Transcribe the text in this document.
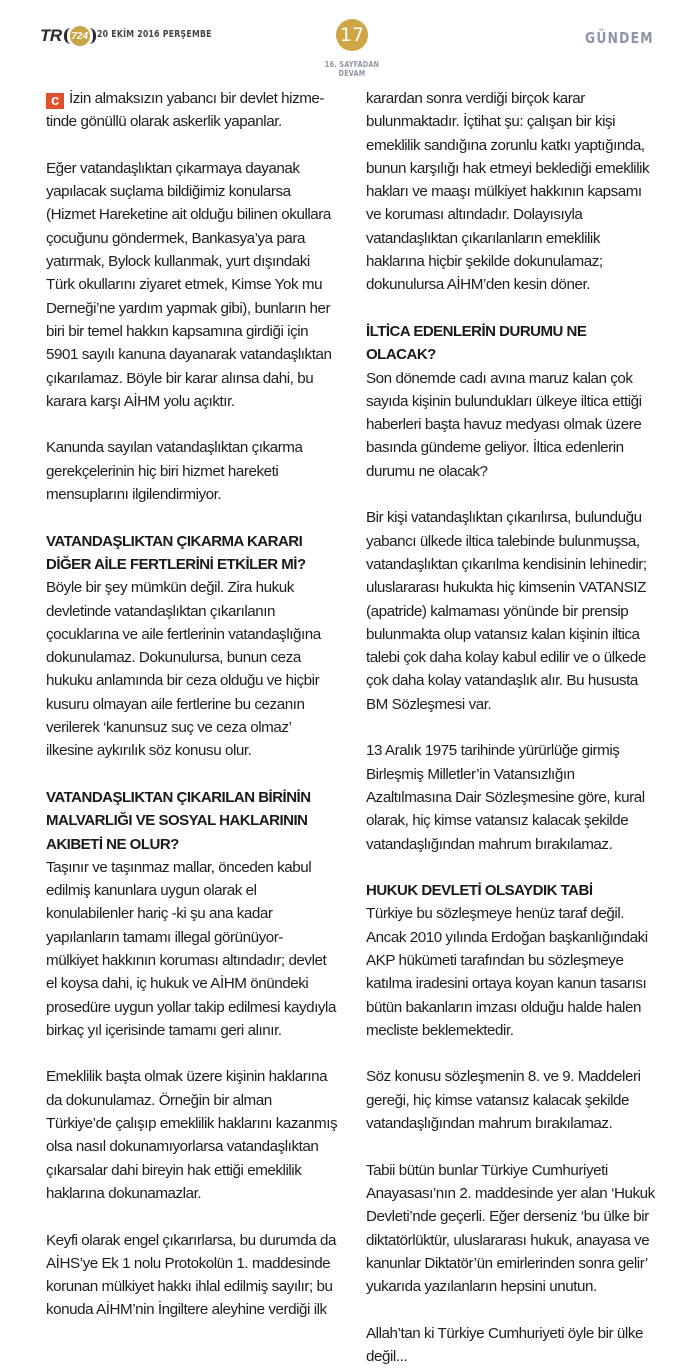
TR 724 20 EKİM 2016 PERŞEMBE	17
16. SAYFADAN DEVAM
GÜNDEM

c İzin almaksızın yabancı bir devlet hizme-tinde gönüllü olarak askerlik yapanlar.

Eğer vatandaşlıktan çıkarmaya dayanak yapılacak suçlama bildiğimiz konularsa (Hizmet Hareketine ait olduğu bilinen okullara çocuğunu göndermek, Bankasya’ya para yatırmak, Bylock kullanmak, yurt dışındaki Türk okullarını ziyaret etmek, Kimse Yok mu Derneği’ne yardım yapmak gibi), bunların her biri bir temel hakkın kapsamına girdiği için 5901 sayılı kanuna dayanarak vatandaşlıktan çıkarılamaz. Böyle bir karar alınsa dahi, bu karara karşı AİHM yolu açıktır.

Kanunda sayılan vatandaşlıktan çıkarma gerekçelerinin hiç biri hizmet hareketi mensuplarını ilgilendirmiyor.

VATANDAŞLIKTAN ÇIKARMA KARARI DİĞER AİLE FERTLERİNİ ETKİLER Mİ?

Böyle bir şey mümkün değil. Zira hukuk devletinde vatandaşlıktan çıkarılanın çocuklarına ve aile fertlerinin vatandaşlığına dokunulamaz. Dokunulursa, bunun ceza hukuku anlamında bir ceza olduğu ve hiçbir kusuru olmayan aile fertlerine bu cezanın verilerek ‘kanunsuz suç ve ceza olmaz’ ilkesine aykırılık söz konusu olur.

VATANDAŞLIKTAN ÇIKARILAN BİRİNİN MALVARLIĞI VE SOSYAL HAKLARININ AKIBETİ NE OLUR?

Taşınır ve taşınmaz mallar, önceden kabul edilmiş kanunlara uygun olarak el konulabilenler hariç -ki şu ana kadar yapılanların tamamı illegal görünüyor- mülkiyet hakkının koruması altındadır; devlet el koysa dahi, iç hukuk ve AİHM önündeki prosedüre uygun yollar takip edilmesi kaydıyla birkaç yıl içerisinde tamamı geri alınır.

Emeklilik başta olmak üzere kişinin haklarına da dokunulamaz. Örneğin bir alman Türkiye’de çalışıp emeklilik haklarını kazanmış olsa nasıl dokunamıyorlarsa vatandaşlıktan çıkarsalar dahi bireyin hak ettiği emeklilik haklarına dokunamazlar.

Keyfi olarak engel çıkarırlarsa, bu durumda da AİHS’ye Ek 1 nolu Protokolün 1. maddesinde korunan mülkiyet hakkı ihlal edilmiş sayılır; bu konuda AİHM’nin İngiltere aleyhine verdiği ilk

karardan sonra verdiği birçok karar bulunmaktadır. İçtihat şu: çalışan bir kişi emeklilik sandığına zorunlu katkı yaptığında, bunun karşılığı hak etmeyi beklediği emeklilik hakları ve maaşı mülkiyet hakkının kapsamı ve koruması altındadır. Dolayısıyla vatandaşlıktan çıkarılanların emeklilik haklarına hiçbir şekilde dokunulamaz; dokunulursa AİHM’den kesin döner.

İLTİCA EDENLERİN DURUMU NE OLACAK?

Son dönemde cadı avına maruz kalan çok sayıda kişinin bulundukları ülkeye iltica ettiği haberleri başta havuz medyası olmak üzere basında gündeme geliyor. İltica edenlerin durumu ne olacak?

Bir kişi vatandaşlıktan çıkarılırsa, bulunduğu yabancı ülkede iltica talebinde bulunmuşsa, vatandaşlıktan çıkarılma kendisinin lehinedir; uluslararası hukukta hiç kimsenin VATANSIZ (apatride) kalmaması yönünde bir prensip bulunmakta olup vatansız kalan kişinin iltica talebi çok daha kolay kabul edilir ve o ülkede çok daha kolay vatandaşlık alır. Bu hususta BM Sözleşmesi var.

13 Aralık 1975 tarihinde yürürlüğe girmiş Birleşmiş Milletler’in Vatansızlığın Azaltılmasına Dair Sözleşmesine göre, kural olarak, hiç kimse vatansız kalacak şekilde vatandaşlığından mahrum bırakılamaz.

HUKUK DEVLETİ OLSAYDIK TABİ

Türkiye bu sözleşmeye henüz taraf değil. Ancak 2010 yılında Erdoğan başkanlığındaki AKP hükümeti tarafından bu sözleşmeye katılma iradesini ortaya koyan kanun tasarısı bütün bakanların imzası olduğu halde halen mecliste beklemektedir.

Söz konusu sözleşmenin 8. ve 9. Maddeleri gereği, hiç kimse vatansız kalacak şekilde vatandaşlığından mahrum bırakılamaz.

Tabii bütün bunlar Türkiye Cumhuriyeti Anayasası’nın 2. maddesinde yer alan ‘Hukuk Devleti’nde geçerli. Eğer derseniz ‘bu ülke bir diktatörlüktür, uluslararası hukuk, anayasa ve kanunlar Diktatör’ün emirlerinden sonra gelir’ yukarıda yazılanların hepsini unutun.

Allah’tan ki Türkiye Cumhuriyeti öyle bir ülke değil...
